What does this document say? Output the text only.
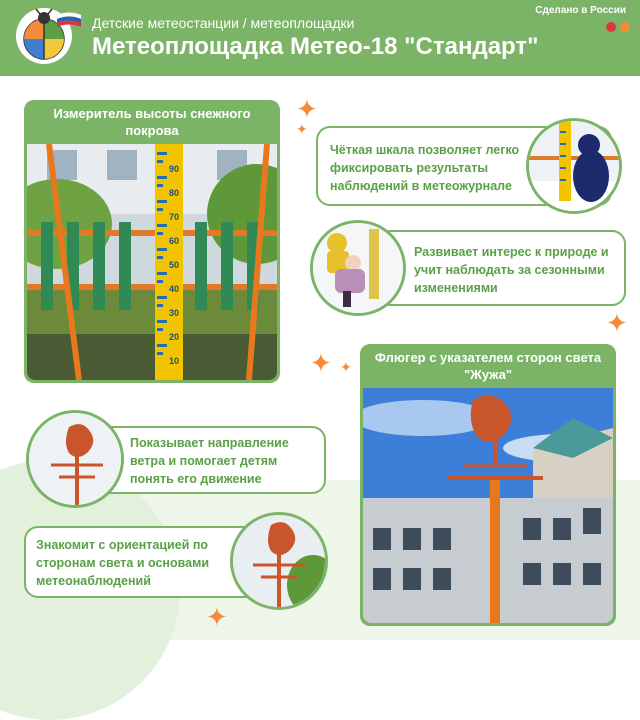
Детские метеостанции / метеоплощадки
Метеоплощадка Метео-18 "Стандарт"
Сделано в России
Измеритель высоты снежного покрова
90
80
70
60
50
40
30
20
10
Чёткая шкала позволяет легко фиксировать результаты наблюдений в метеожурнале
Развивает интерес к природе и учит наблюдать за сезонными изменениями
Флюгер с указателем сторон света "Жужа"
Показывает направление ветра и помогает детям понять его движение
Знакомит с ориентацией по сторонам света и основами метеонаблюдений
✦
✦
✦
✦ ✦
✦
